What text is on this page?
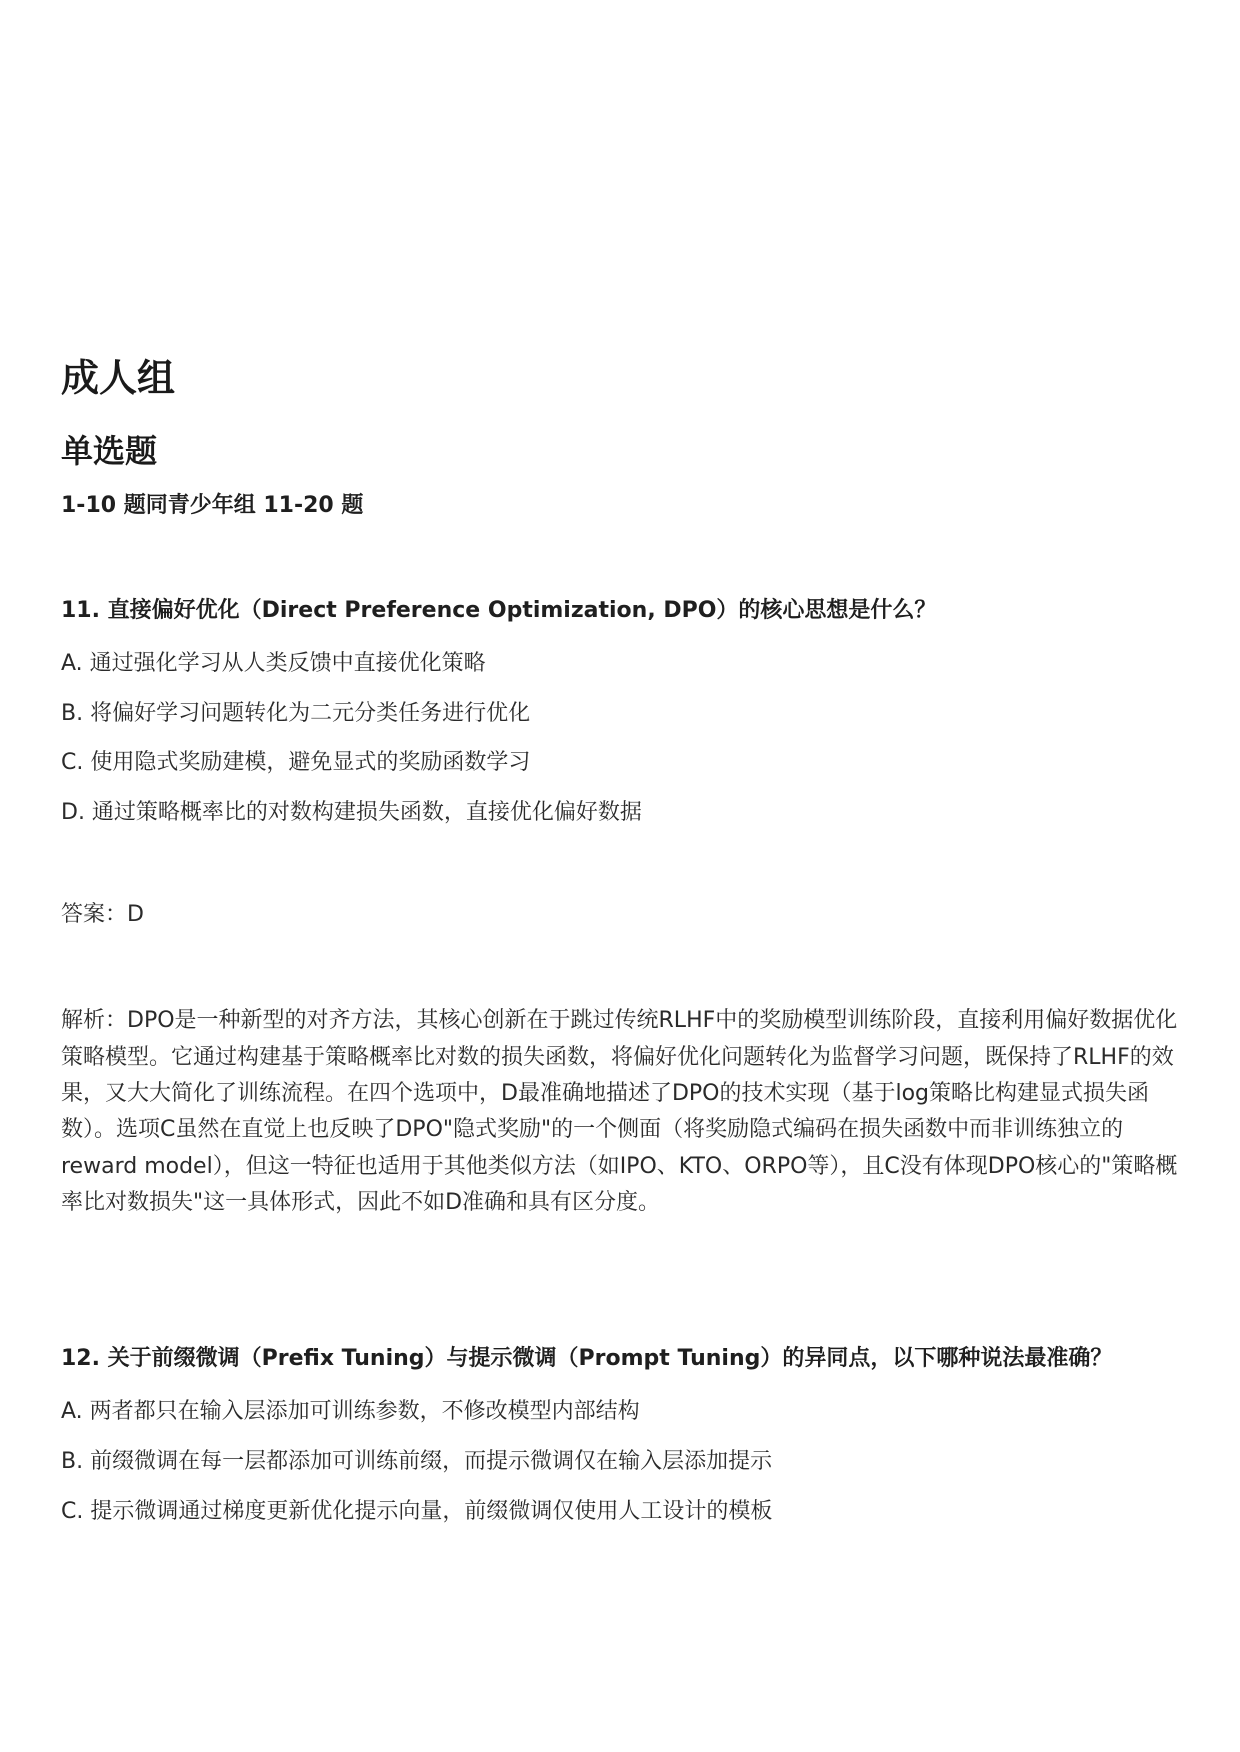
成人组
单选题

1-10 题同青少年组 11-20 题

11. 直接偏好优化（Direct Preference Optimization, DPO）的核心思想是什么？

A. 通过强化学习从人类反馈中直接优化策略

B. 将偏好学习问题转化为二元分类任务进行优化

C. 使用隐式奖励建模，避免显式的奖励函数学习

D. 通过策略概率比的对数构建损失函数，直接优化偏好数据

答案：D

解析：DPO是一种新型的对齐方法，其核心创新在于跳过传统RLHF中的奖励模型训练阶段，直接利用偏好数据优化策略模型。它通过构建基于策略概率比对数的损失函数，将偏好优化问题转化为监督学习问题，既保持了RLHF的效果，又大大简化了训练流程。在四个选项中，D最准确地描述了DPO的技术实现（基于log策略比构建显式损失函数）。选项C虽然在直觉上也反映了DPO"隐式奖励"的一个侧面（将奖励隐式编码在损失函数中而非训练独立的reward model），但这一特征也适用于其他类似方法（如IPO、KTO、ORPO等），且C没有体现DPO核心的"策略概率比对数损失"这一具体形式，因此不如D准确和具有区分度。

12. 关于前缀微调（Prefix Tuning）与提示微调（Prompt Tuning）的异同点，以下哪种说法最准确？

A. 两者都只在输入层添加可训练参数，不修改模型内部结构

B. 前缀微调在每一层都添加可训练前缀，而提示微调仅在输入层添加提示

C. 提示微调通过梯度更新优化提示向量，前缀微调仅使用人工设计的模板
